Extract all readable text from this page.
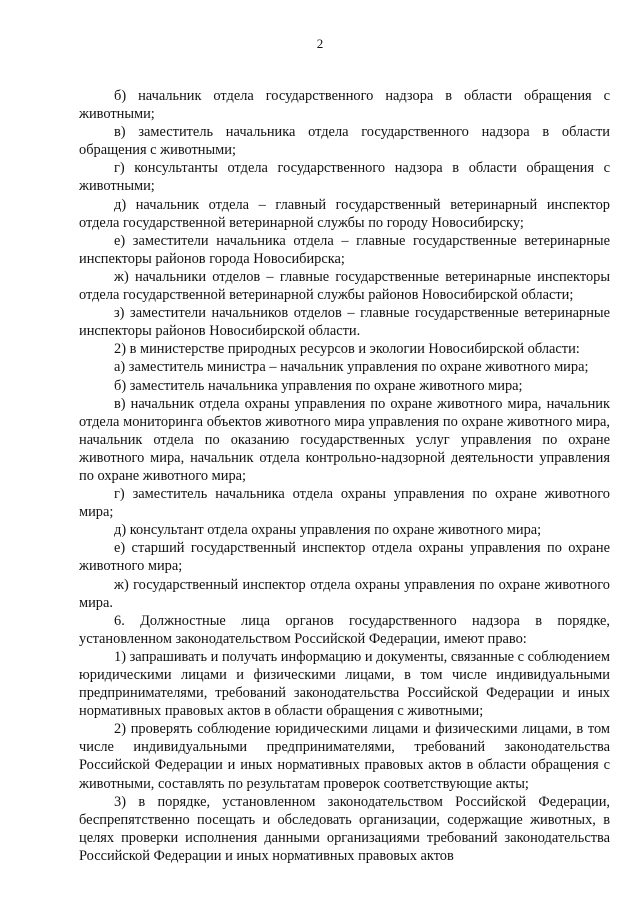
2

б) начальник отдела государственного надзора в области обращения с животными;

в) заместитель начальника отдела государственного надзора в области обращения с животными;

г) консультанты отдела государственного надзора в области обращения с животными;

д) начальник отдела – главный государственный ветеринарный инспектор отдела государственной ветеринарной службы по городу Новосибирску;

е) заместители начальника отдела – главные государственные ветеринарные инспекторы районов города Новосибирска;

ж) начальники отделов – главные государственные ветеринарные инспекторы отдела государственной ветеринарной службы районов Новосибирской области;

з) заместители начальников отделов – главные государственные ветеринарные инспекторы районов Новосибирской области.

2) в министерстве природных ресурсов и экологии Новосибирской области:

а) заместитель министра – начальник управления по охране животного мира;

б) заместитель начальника управления по охране животного мира;

в) начальник отдела охраны управления по охране животного мира, начальник отдела мониторинга объектов животного мира управления по охране животного мира, начальник отдела по оказанию государственных услуг управления по охране животного мира, начальник отдела контрольно-надзорной деятельности управления по охране животного мира;

г) заместитель начальника отдела охраны управления по охране животного мира;

д) консультант отдела охраны управления по охране животного мира;

е) старший государственный инспектор отдела охраны управления по охране животного мира;

ж) государственный инспектор отдела охраны управления по охране животного мира.

6. Должностные лица органов государственного надзора в порядке, установленном законодательством Российской Федерации, имеют право:

1) запрашивать и получать информацию и документы, связанные с соблюдением юридическими лицами и физическими лицами, в том числе индивидуальными предпринимателями, требований законодательства Российской Федерации и иных нормативных правовых актов в области обращения с животными;

2) проверять соблюдение юридическими лицами и физическими лицами, в том числе индивидуальными предпринимателями, требований законодательства Российской Федерации и иных нормативных правовых актов в области обращения с животными, составлять по результатам проверок соответствующие акты;

3) в порядке, установленном законодательством Российской Федерации, беспрепятственно посещать и обследовать организации, содержащие животных, в целях проверки исполнения данными организациями требований законодательства Российской Федерации и иных нормативных правовых актов
